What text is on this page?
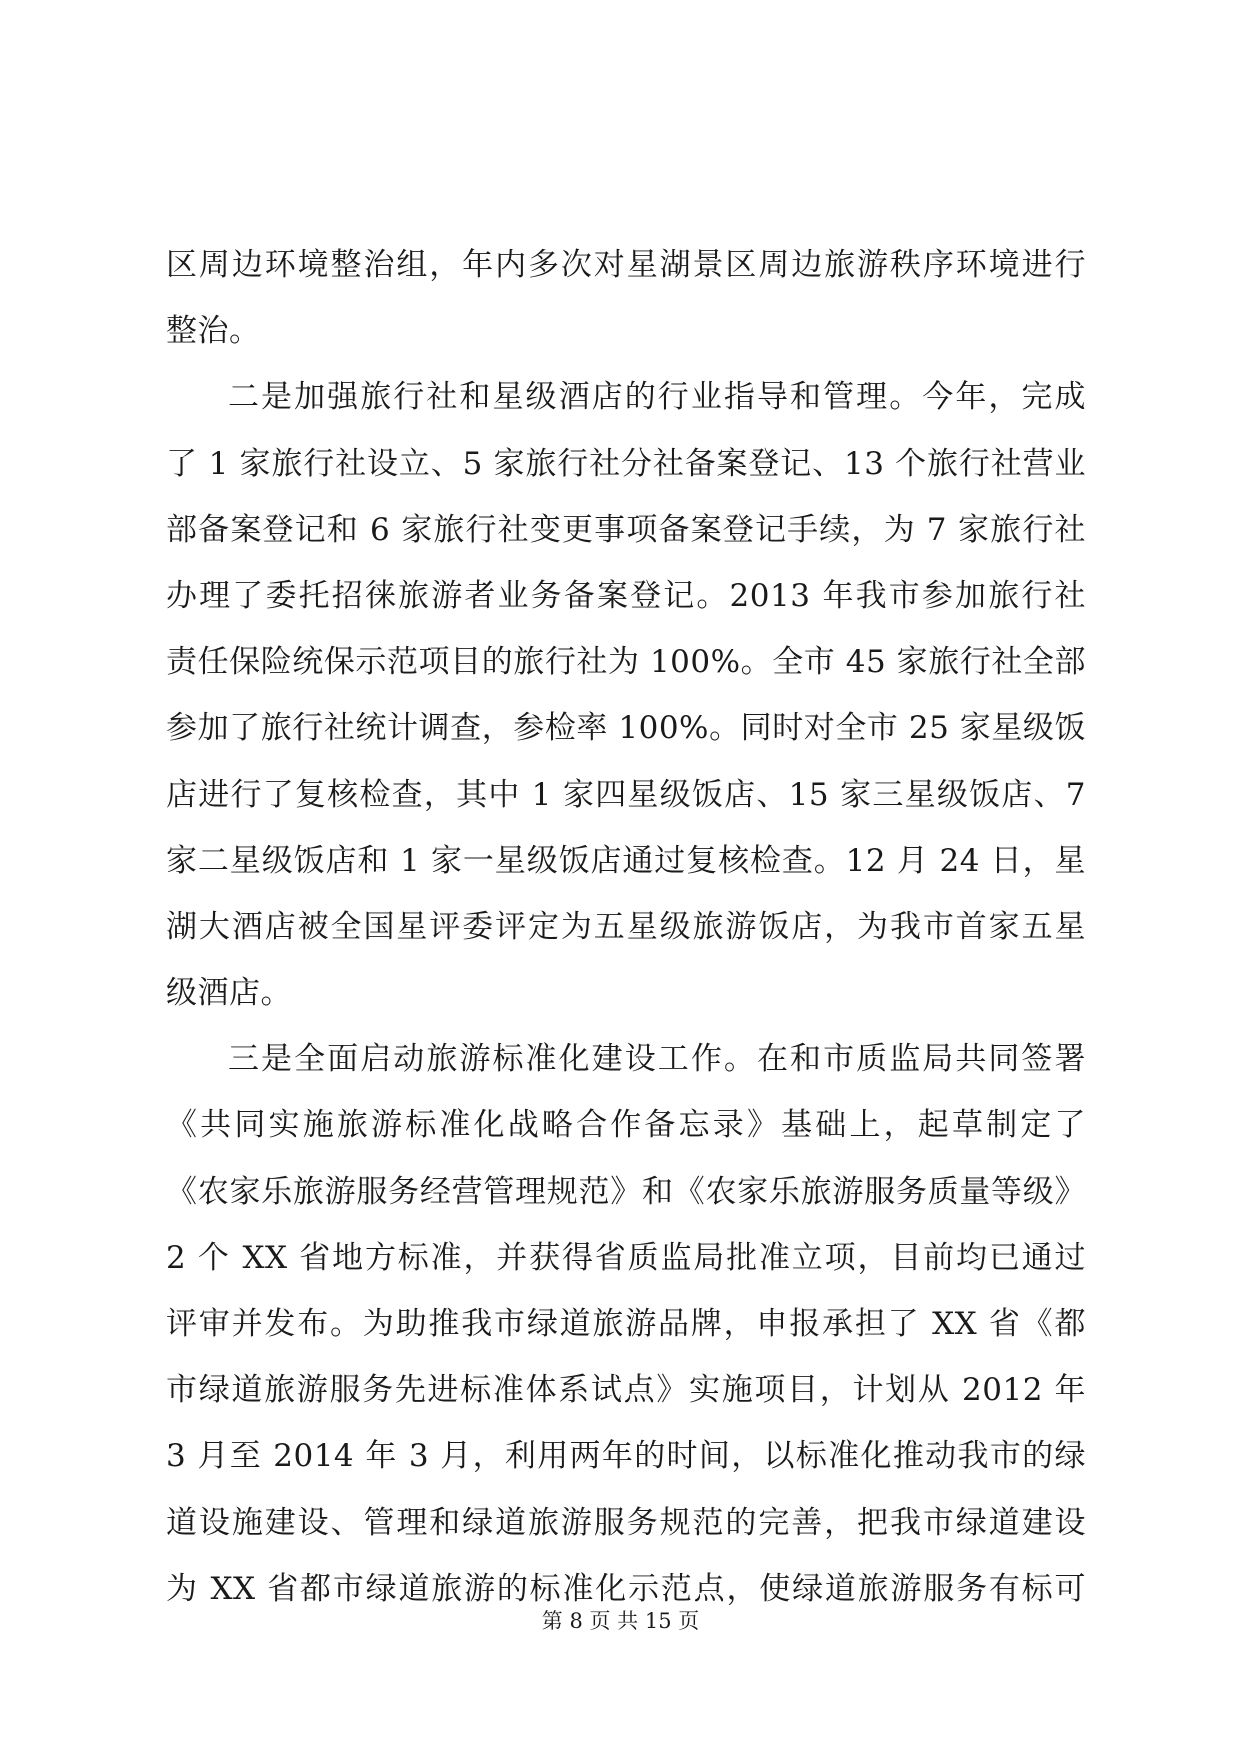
区周边环境整治组，年内多次对星湖景区周边旅游秩序环境进行
整治。
二是加强旅行社和星级酒店的行业指导和管理。今年，完成
了 1 家旅行社设立、5 家旅行社分社备案登记、13 个旅行社营业
部备案登记和 6 家旅行社变更事项备案登记手续，为 7 家旅行社
办理了委托招徕旅游者业务备案登记。2013 年我市参加旅行社
责任保险统保示范项目的旅行社为 100%。全市 45 家旅行社全部
参加了旅行社统计调查，参检率 100%。同时对全市 25 家星级饭
店进行了复核检查，其中 1 家四星级饭店、15 家三星级饭店、7
家二星级饭店和 1 家一星级饭店通过复核检查。12 月 24 日，星
湖大酒店被全国星评委评定为五星级旅游饭店，为我市首家五星
级酒店。
三是全面启动旅游标准化建设工作。在和市质监局共同签署
《共同实施旅游标准化战略合作备忘录》基础上，起草制定了
《农家乐旅游服务经营管理规范》和《农家乐旅游服务质量等级》
2 个 XX 省地方标准，并获得省质监局批准立项，目前均已通过
评审并发布。为助推我市绿道旅游品牌，申报承担了 XX 省《都
市绿道旅游服务先进标准体系试点》实施项目，计划从 2012 年
3 月至 2014 年 3 月，利用两年的时间，以标准化推动我市的绿
道设施建设、管理和绿道旅游服务规范的完善，把我市绿道建设
为 XX 省都市绿道旅游的标准化示范点，使绿道旅游服务有标可
第 8 页 共 15 页
